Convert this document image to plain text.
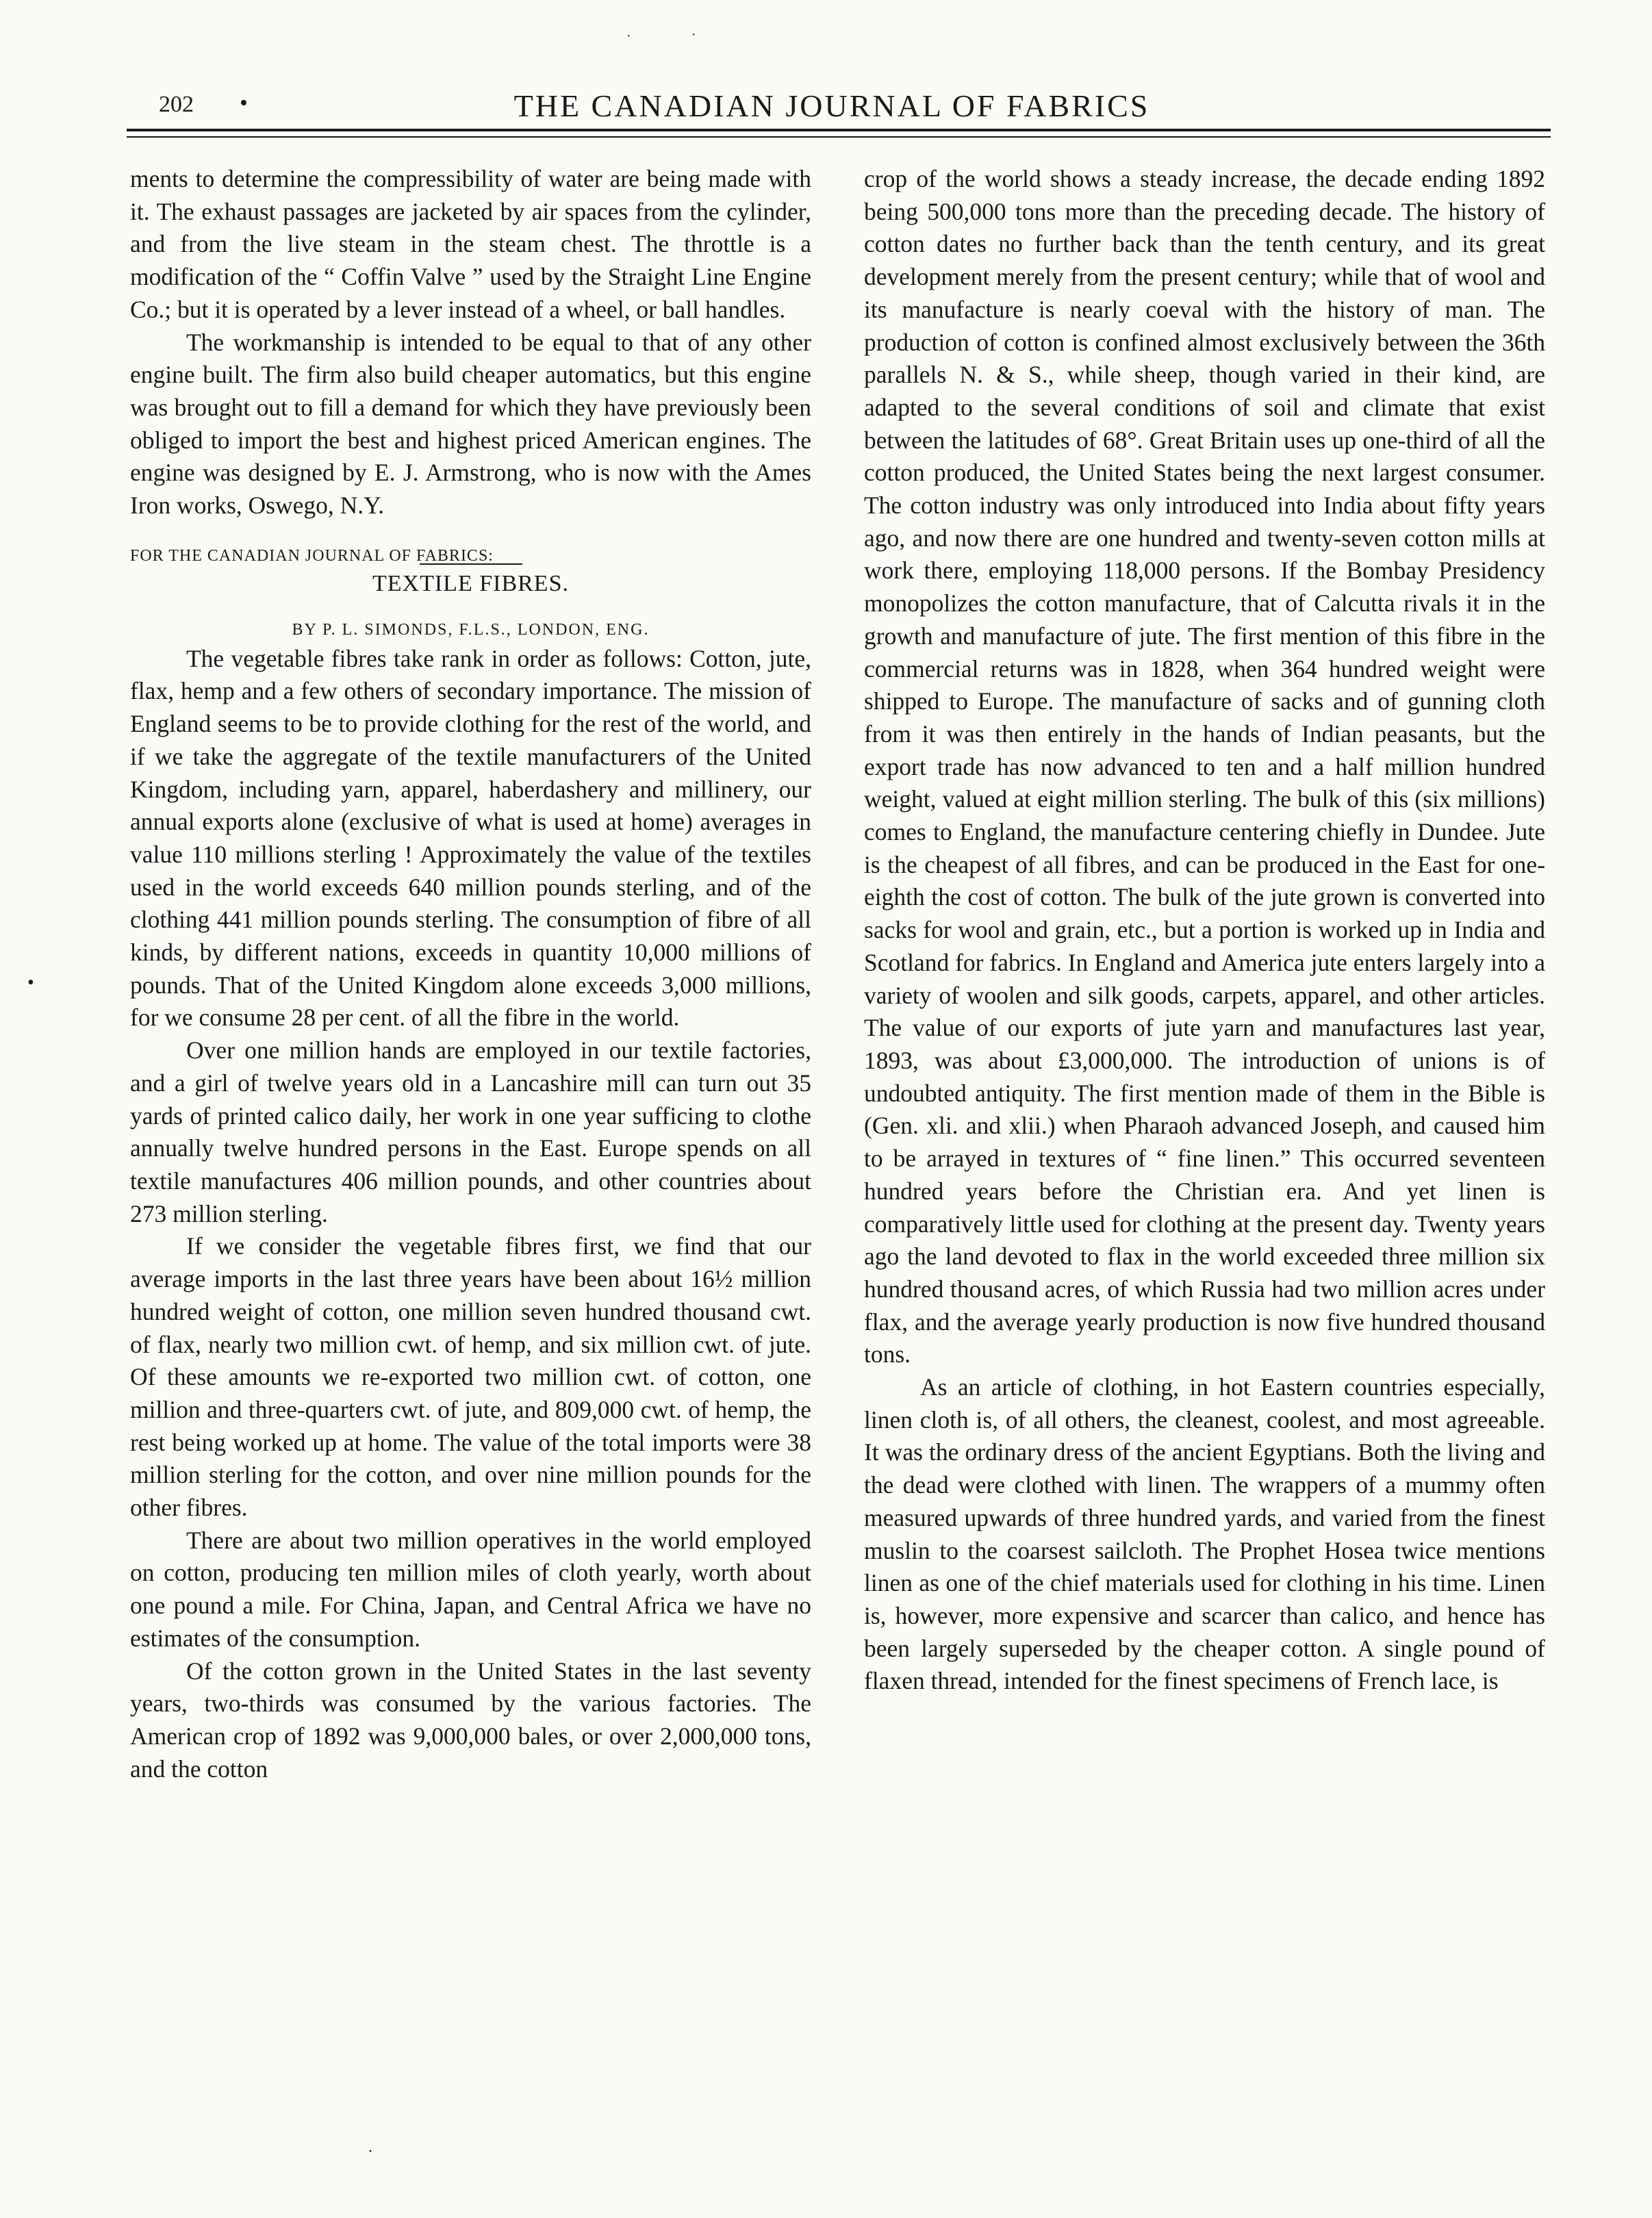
·	·
•
202 •	THE CANADIAN JOURNAL OF FABRICS

ments to determine the compressibility of water are being made with it. The exhaust passages are jacketed by air spaces from the cylinder, and from the live steam in the steam chest. The throttle is a modification of the “ Coffin Valve ” used by the Straight Line Engine Co.; but it is operated by a lever instead of a wheel, or ball handles.

The workmanship is intended to be equal to that of any other engine built. The firm also build cheaper automatics, but this engine was brought out to fill a demand for which they have previously been obliged to import the best and highest priced American engines. The engine was designed by E. J. Armstrong, who is now with the Ames Iron works, Oswego, N.Y.

FOR THE CANADIAN JOURNAL OF FABRICS:
TEXTILE FIBRES.
BY P. L. SIMONDS, F.L.S., LONDON, ENG.

The vegetable fibres take rank in order as follows: Cotton, jute, flax, hemp and a few others of secondary importance. The mission of England seems to be to provide clothing for the rest of the world, and if we take the aggregate of the textile manufacturers of the United Kingdom, including yarn, apparel, haberdashery and millinery, our annual exports alone (exclusive of what is used at home) averages in value 110 millions sterling ! Approximately the value of the textiles used in the world exceeds 640 million pounds sterling, and of the clothing 441 million pounds sterling. The consumption of fibre of all kinds, by different nations, exceeds in quantity 10,000 millions of pounds. That of the United Kingdom alone exceeds 3,000 millions, for we consume 28 per cent. of all the fibre in the world.

Over one million hands are employed in our textile factories, and a girl of twelve years old in a Lancashire mill can turn out 35 yards of printed calico daily, her work in one year sufficing to clothe annually twelve hundred persons in the East. Europe spends on all textile manufactures 406 million pounds, and other countries about 273 million sterling.

If we consider the vegetable fibres first, we find that our average imports in the last three years have been about 16½ million hundred weight of cotton, one million seven hundred thousand cwt. of flax, nearly two million cwt. of hemp, and six million cwt. of jute. Of these amounts we re-exported two million cwt. of cotton, one million and three-quarters cwt. of jute, and 809,000 cwt. of hemp, the rest being worked up at home. The value of the total imports were 38 million sterling for the cotton, and over nine million pounds for the other fibres.

There are about two million operatives in the world employed on cotton, producing ten million miles of cloth yearly, worth about one pound a mile. For China, Japan, and Central Africa we have no estimates of the consumption.

Of the cotton grown in the United States in the last seventy years, two-thirds was consumed by the various factories. The American crop of 1892 was 9,000,000 bales, or over 2,000,000 tons, and the cotton

crop of the world shows a steady increase, the decade ending 1892 being 500,000 tons more than the preceding decade. The history of cotton dates no further back than the tenth century, and its great development merely from the present century; while that of wool and its manufacture is nearly coeval with the history of man. The production of cotton is confined almost exclusively between the 36th parallels N. & S., while sheep, though varied in their kind, are adapted to the several conditions of soil and climate that exist between the latitudes of 68°. Great Britain uses up one-third of all the cotton produced, the United States being the next largest consumer. The cotton industry was only introduced into India about fifty years ago, and now there are one hundred and twenty-seven cotton mills at work there, employing 118,000 persons. If the Bombay Presidency monopolizes the cotton manufacture, that of Calcutta rivals it in the growth and manufacture of jute. The first mention of this fibre in the commercial returns was in 1828, when 364 hundred weight were shipped to Europe. The manufacture of sacks and of gunning cloth from it was then entirely in the hands of Indian peasants, but the export trade has now advanced to ten and a half million hundred weight, valued at eight million sterling. The bulk of this (six millions) comes to England, the manufacture centering chiefly in Dundee. Jute is the cheapest of all fibres, and can be produced in the East for one-eighth the cost of cotton. The bulk of the jute grown is converted into sacks for wool and grain, etc., but a portion is worked up in India and Scotland for fabrics. In England and America jute enters largely into a variety of woolen and silk goods, carpets, apparel, and other articles. The value of our exports of jute yarn and manufactures last year, 1893, was about £3,000,000. The introduction of unions is of undoubted antiquity. The first mention made of them in the Bible is (Gen. xli. and xlii.) when Pharaoh advanced Joseph, and caused him to be arrayed in textures of “ fine linen.” This occurred seventeen hundred years before the Christian era. And yet linen is comparatively little used for clothing at the present day. Twenty years ago the land devoted to flax in the world exceeded three million six hundred thousand acres, of which Russia had two million acres under flax, and the average yearly production is now five hundred thousand tons.

As an article of clothing, in hot Eastern countries especially, linen cloth is, of all others, the cleanest, coolest, and most agreeable. It was the ordinary dress of the ancient Egyptians. Both the living and the dead were clothed with linen. The wrappers of a mummy often measured upwards of three hundred yards, and varied from the finest muslin to the coarsest sailcloth. The Prophet Hosea twice mentions linen as one of the chief materials used for clothing in his time. Linen is, however, more expensive and scarcer than calico, and hence has been largely superseded by the cheaper cotton. A single pound of flaxen thread, intended for the finest specimens of French lace, is

·
